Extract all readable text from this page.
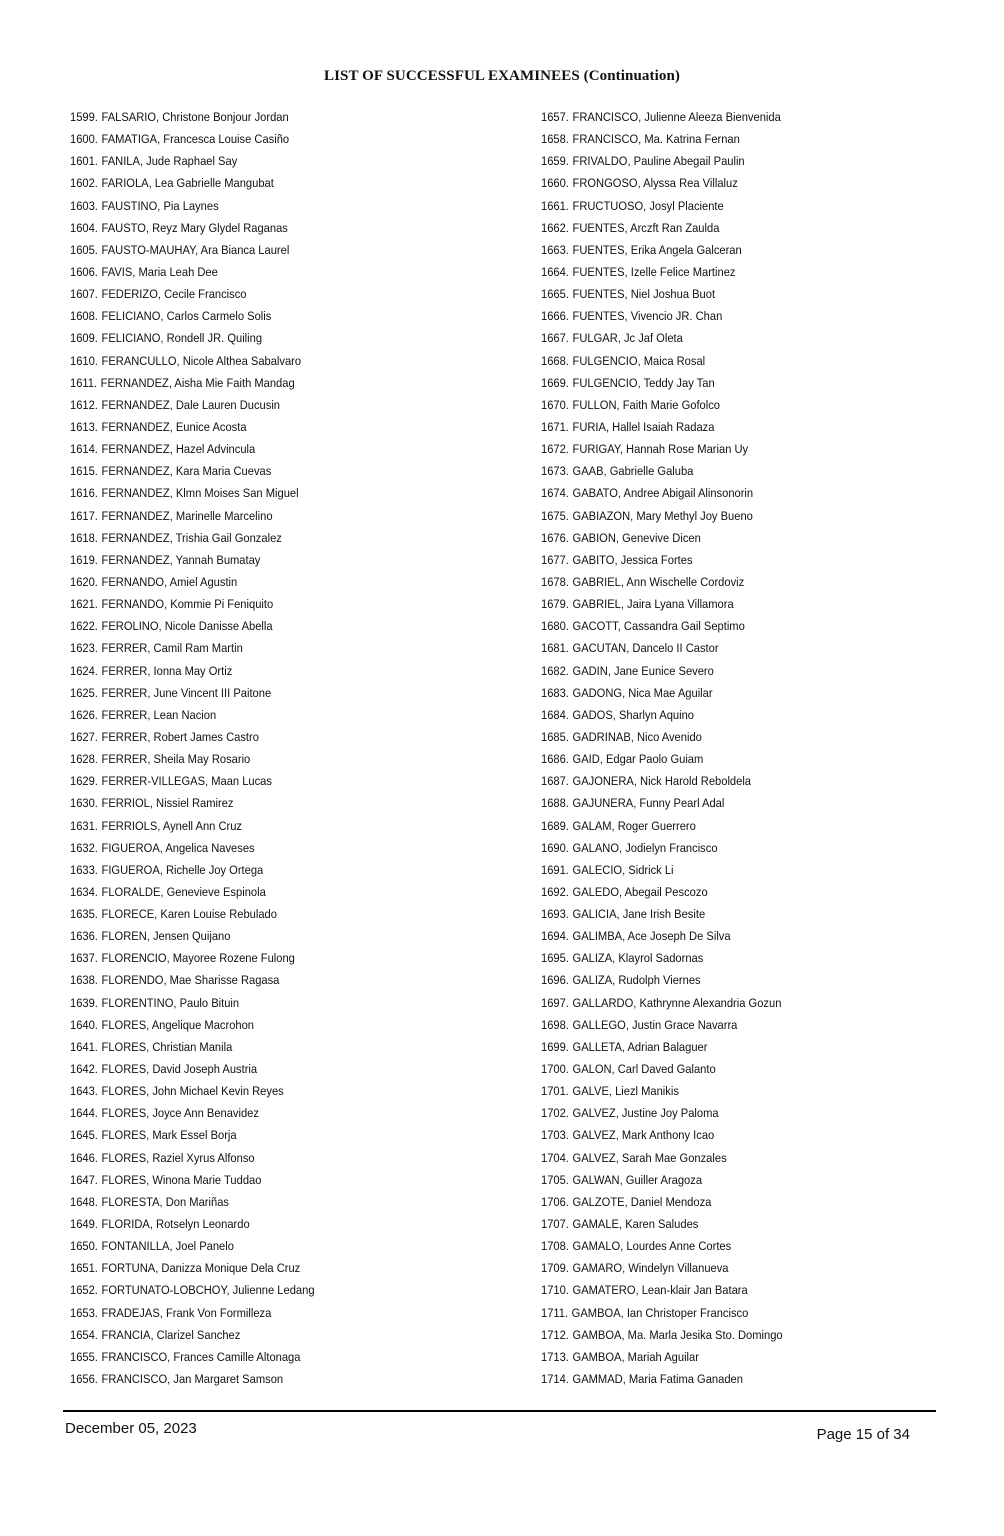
LIST OF SUCCESSFUL EXAMINEES (Continuation)
1599. FALSARIO, Christone Bonjour Jordan
1600. FAMATIGA, Francesca Louise Casiño
1601. FANILA, Jude Raphael Say
1602. FARIOLA, Lea Gabrielle Mangubat
1603. FAUSTINO, Pia Laynes
1604. FAUSTO, Reyz Mary Glydel Raganas
1605. FAUSTO-MAUHAY, Ara Bianca Laurel
1606. FAVIS, Maria Leah Dee
1607. FEDERIZO, Cecile Francisco
1608. FELICIANO, Carlos Carmelo Solis
1609. FELICIANO, Rondell JR. Quiling
1610. FERANCULLO, Nicole Althea Sabalvaro
1611. FERNANDEZ, Aisha Mie Faith Mandag
1612. FERNANDEZ, Dale Lauren Ducusin
1613. FERNANDEZ, Eunice Acosta
1614. FERNANDEZ, Hazel Advincula
1615. FERNANDEZ, Kara Maria Cuevas
1616. FERNANDEZ, Klmn Moises San Miguel
1617. FERNANDEZ, Marinelle Marcelino
1618. FERNANDEZ, Trishia Gail Gonzalez
1619. FERNANDEZ, Yannah Bumatay
1620. FERNANDO, Amiel Agustin
1621. FERNANDO, Kommie Pi Feniquito
1622. FEROLINO, Nicole Danisse Abella
1623. FERRER, Camil Ram Martin
1624. FERRER, Ionna May Ortiz
1625. FERRER, June Vincent III Paitone
1626. FERRER, Lean Nacion
1627. FERRER, Robert James Castro
1628. FERRER, Sheila May Rosario
1629. FERRER-VILLEGAS, Maan Lucas
1630. FERRIOL, Nissiel Ramirez
1631. FERRIOLS, Aynell Ann Cruz
1632. FIGUEROA, Angelica Naveses
1633. FIGUEROA, Richelle Joy Ortega
1634. FLORALDE, Genevieve Espinola
1635. FLORECE, Karen Louise Rebulado
1636. FLOREN, Jensen Quijano
1637. FLORENCIO, Mayoree Rozene Fulong
1638. FLORENDO, Mae Sharisse Ragasa
1639. FLORENTINO, Paulo Bituin
1640. FLORES, Angelique Macrohon
1641. FLORES, Christian Manila
1642. FLORES, David Joseph Austria
1643. FLORES, John Michael Kevin Reyes
1644. FLORES, Joyce Ann Benavidez
1645. FLORES, Mark Essel Borja
1646. FLORES, Raziel Xyrus Alfonso
1647. FLORES, Winona Marie Tuddao
1648. FLORESTA, Don Mariñas
1649. FLORIDA, Rotselyn Leonardo
1650. FONTANILLA, Joel Panelo
1651. FORTUNA, Danizza Monique Dela Cruz
1652. FORTUNATO-LOBCHOY, Julienne Ledang
1653. FRADEJAS, Frank Von Formilleza
1654. FRANCIA, Clarizel Sanchez
1655. FRANCISCO, Frances Camille Altonaga
1656. FRANCISCO, Jan Margaret Samson
1657. FRANCISCO, Julienne Aleeza Bienvenida
1658. FRANCISCO, Ma. Katrina Fernan
1659. FRIVALDO, Pauline Abegail Paulin
1660. FRONGOSO, Alyssa Rea Villaluz
1661. FRUCTUOSO, Josyl Placiente
1662. FUENTES, Arczft Ran Zaulda
1663. FUENTES, Erika Angela Galceran
1664. FUENTES, Izelle Felice Martinez
1665. FUENTES, Niel Joshua Buot
1666. FUENTES, Vivencio JR. Chan
1667. FULGAR, Jc Jaf Oleta
1668. FULGENCIO, Maica Rosal
1669. FULGENCIO, Teddy Jay Tan
1670. FULLON, Faith Marie Gofolco
1671. FURIA, Hallel Isaiah Radaza
1672. FURIGAY, Hannah Rose Marian Uy
1673. GAAB, Gabrielle Galuba
1674. GABATO, Andree Abigail Alinsonorin
1675. GABIAZON, Mary Methyl Joy Bueno
1676. GABION, Genevive Dicen
1677. GABITO, Jessica Fortes
1678. GABRIEL, Ann Wischelle Cordoviz
1679. GABRIEL, Jaira Lyana Villamora
1680. GACOTT, Cassandra Gail Septimo
1681. GACUTAN, Dancelo II Castor
1682. GADIN, Jane Eunice Severo
1683. GADONG, Nica Mae Aguilar
1684. GADOS, Sharlyn Aquino
1685. GADRINAB, Nico Avenido
1686. GAID, Edgar Paolo Guiam
1687. GAJONERA, Nick Harold Reboldela
1688. GAJUNERA, Funny Pearl Adal
1689. GALAM, Roger Guerrero
1690. GALANO, Jodielyn Francisco
1691. GALECIO, Sidrick Li
1692. GALEDO, Abegail Pescozo
1693. GALICIA, Jane Irish Besite
1694. GALIMBA, Ace Joseph De Silva
1695. GALIZA, Klayrol Sadornas
1696. GALIZA, Rudolph Viernes
1697. GALLARDO, Kathrynne Alexandria Gozun
1698. GALLEGO, Justin Grace Navarra
1699. GALLETA, Adrian Balaguer
1700. GALON, Carl Daved Galanto
1701. GALVE, Liezl Manikis
1702. GALVEZ, Justine Joy Paloma
1703. GALVEZ, Mark Anthony Icao
1704. GALVEZ, Sarah Mae Gonzales
1705. GALWAN, Guiller Aragoza
1706. GALZOTE, Daniel Mendoza
1707. GAMALE, Karen Saludes
1708. GAMALO, Lourdes Anne Cortes
1709. GAMARO, Windelyn Villanueva
1710. GAMATERO, Lean-klair Jan Batara
1711. GAMBOA, Ian Christoper Francisco
1712. GAMBOA, Ma. Marla Jesika Sto. Domingo
1713. GAMBOA, Mariah Aguilar
1714. GAMMAD, Maria Fatima Ganaden
December 05, 2023	Page 15 of 34
